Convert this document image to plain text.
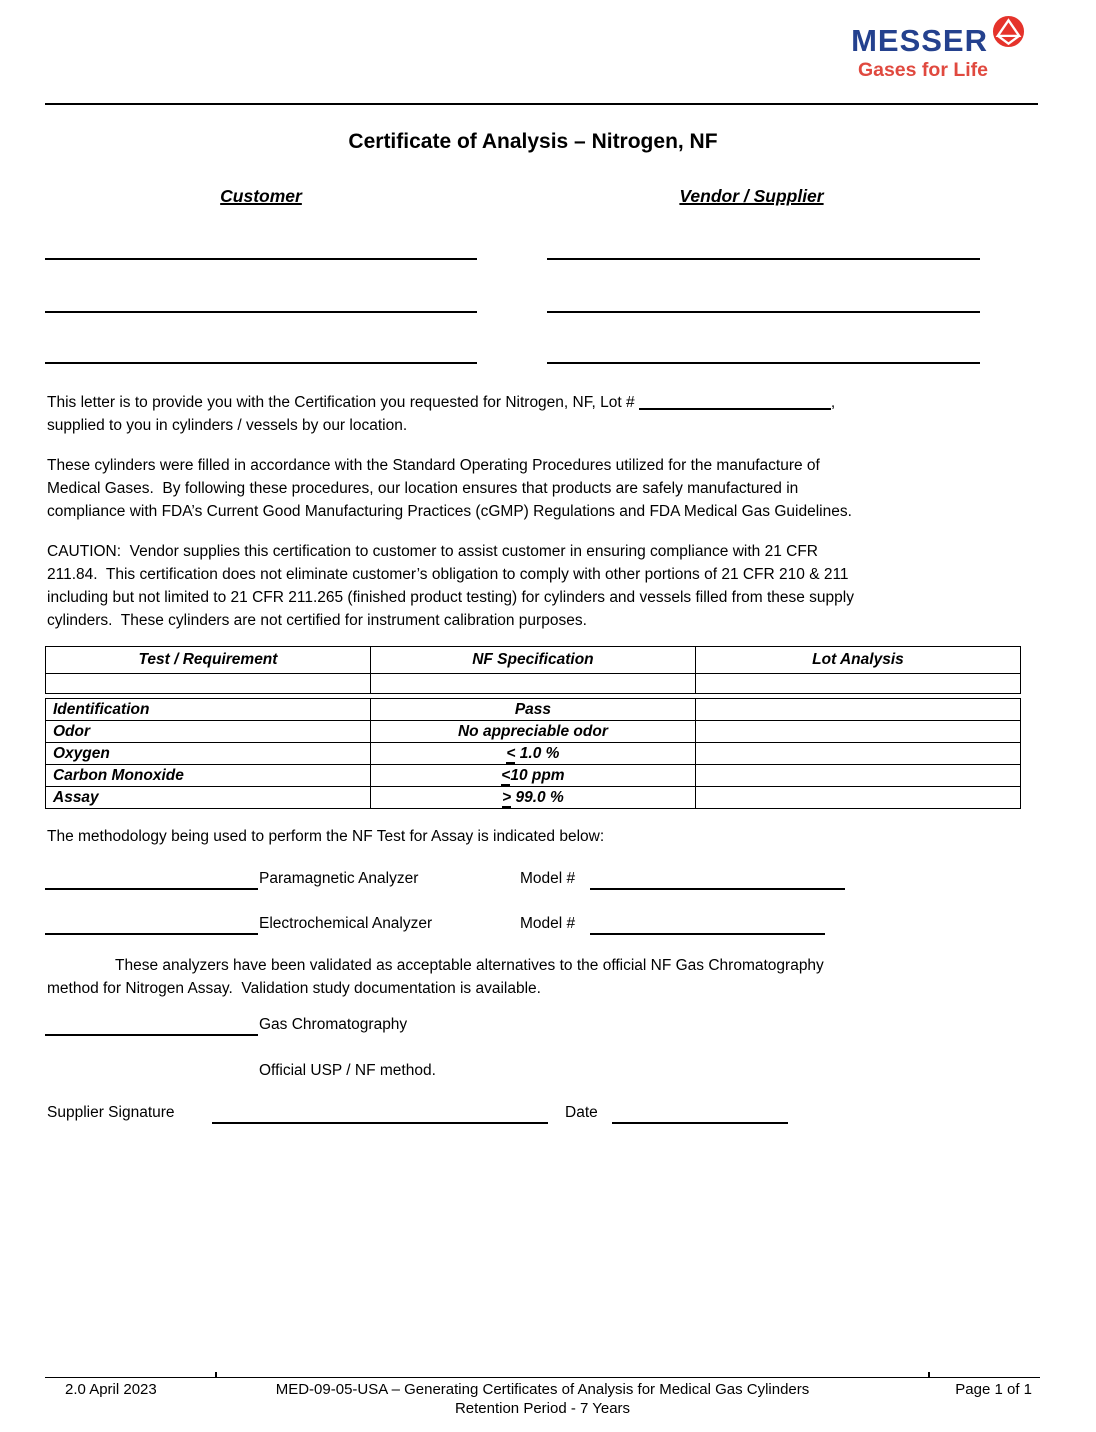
MESSER
Gases for Life
Certificate of Analysis – Nitrogen, NF
Customer	Vendor / Supplier
This letter is to provide you with the Certification you requested for Nitrogen, NF, Lot #	,
supplied to you in cylinders / vessels by our location.
These cylinders were filled in accordance with the Standard Operating Procedures utilized for the manufacture of
Medical Gases.  By following these procedures, our location ensures that products are safely manufactured in
compliance with FDA’s Current Good Manufacturing Practices (cGMP) Regulations and FDA Medical Gas Guidelines.
CAUTION:  Vendor supplies this certification to customer to assist customer in ensuring compliance with 21 CFR
211.84.  This certification does not eliminate customer’s obligation to comply with other portions of 21 CFR 210 & 211
including but not limited to 21 CFR 211.265 (finished product testing) for cylinders and vessels filled from these supply
cylinders.  These cylinders are not certified for instrument calibration purposes.
Test / Requirement	NF Specification	Lot Analysis

Identification	Pass	
Odor	No appreciable odor	
Oxygen	< 1.0 %	
Carbon Monoxide	<10 ppm	
Assay	> 99.0 %	
The methodology being used to perform the NF Test for Assay is indicated below:
Paramagnetic Analyzer	Model #
Electrochemical Analyzer	Model #
These analyzers have been validated as acceptable alternatives to the official NF Gas Chromatography
method for Nitrogen Assay.  Validation study documentation is available.
Gas Chromatography
Official USP / NF method.
Supplier Signature	Date
2.0 April 2023	MED-09-05-USA – Generating Certificates of Analysis for Medical Gas Cylinders
Retention Period - 7 Years
Page 1 of 1
